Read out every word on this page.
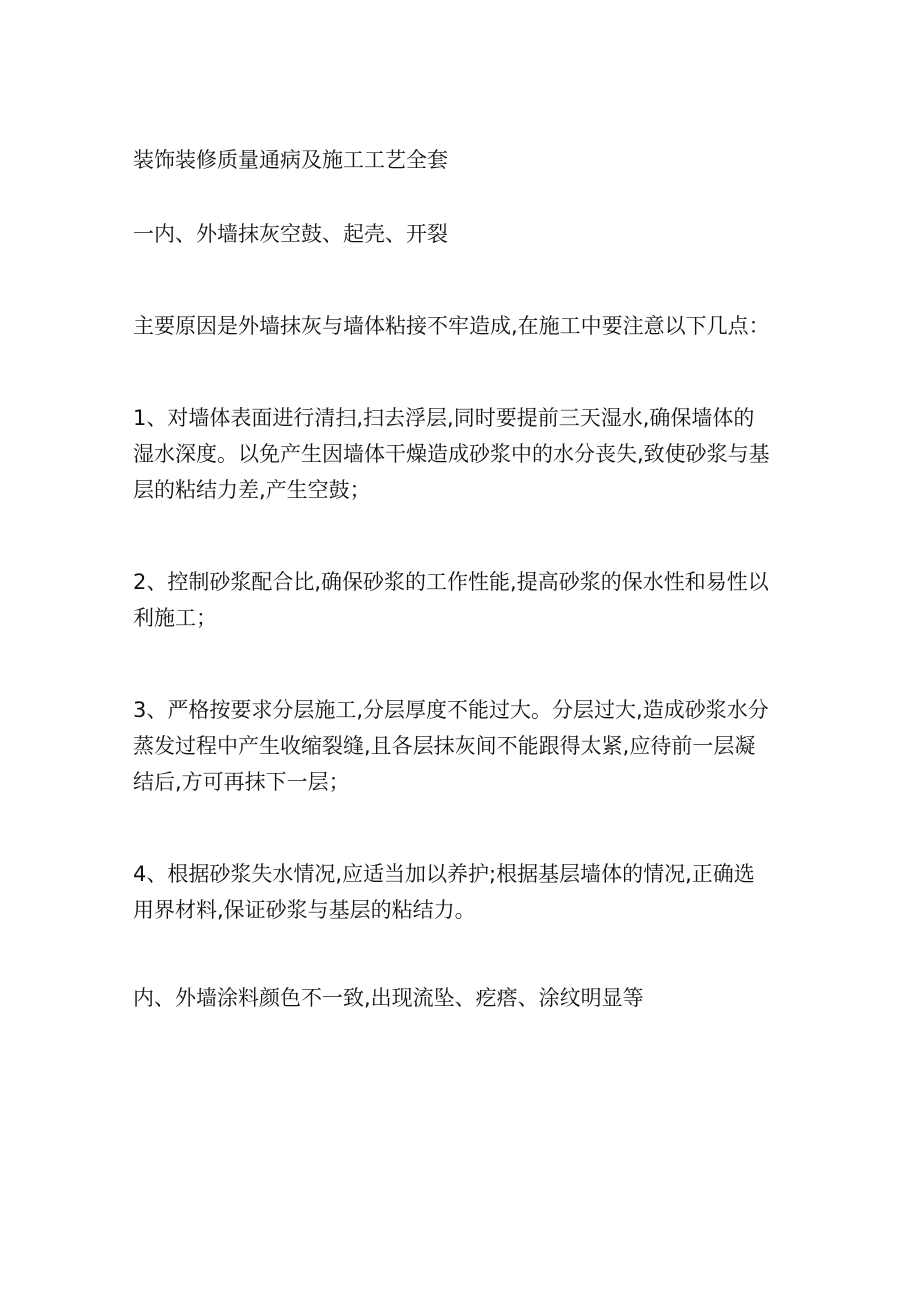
装饰装修质量通病及施工工艺全套
一内、外墙抹灰空鼓、起壳、开裂
主要原因是外墙抹灰与墙体粘接不牢造成,在施工中要注意以下几点：
1、对墙体表面进行清扫,扫去浮层,同时要提前三天湿水,确保墙体的
湿水深度。以免产生因墙体干燥造成砂浆中的水分丧失,致使砂浆与基
层的粘结力差,产生空鼓；
2、控制砂浆配合比,确保砂浆的工作性能,提高砂浆的保水性和易性以
利施工；
3、严格按要求分层施工,分层厚度不能过大。分层过大,造成砂浆水分
蒸发过程中产生收缩裂缝,且各层抹灰间不能跟得太紧,应待前一层凝
结后,方可再抹下一层；
4、根据砂浆失水情况,应适当加以养护;根据基层墙体的情况,正确选
用界材料,保证砂浆与基层的粘结力。
内、外墙涂料颜色不一致,出现流坠、疙瘩、涂纹明显等
